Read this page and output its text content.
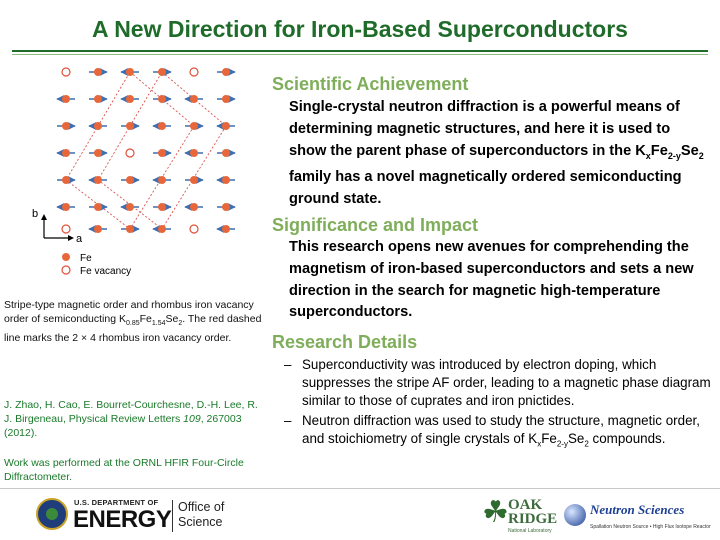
A New Direction for Iron-Based Superconductors
b
a
Fe
Fe vacancy
Stripe-type magnetic order and rhombus iron vacancy order of semiconducting $K_{0.85}Fe_{1.54}Se_2$. The red dashed line marks the 2 × 4 rhombus iron vacancy order.
J. Zhao, H. Cao, E. Bourret-Courchesne, D.-H. Lee, R. J. Birgeneau, Physical Review Letters 109, 267003 (2012).
Work was performed at the ORNL HFIR Four-Circle Diffractometer.
Scientific Achievement
Single-crystal neutron diffraction is a powerful means of determining magnetic structures, and here it is used to show the parent phase of superconductors in the $K_xFe_{2-y}Se_2$ family has a novel magnetically ordered semiconducting ground state.
Significance and Impact
This research opens new avenues for comprehending the magnetism of iron-based superconductors and sets a new direction in the search for magnetic high-temperature superconductors.
Research Details
– Superconductivity was introduced by electron doping, which suppresses the stripe AF order, leading to a magnetic phase diagram similar to those of cuprates and iron pnictides.
– Neutron diffraction was used to study the structure, magnetic order, and stoichiometry of single crystals of $K_xFe_{2-y}Se_2$ compounds.
U.S. DEPARTMENT OF
ENERGY Office of
Science	☘ OAK
RIDGE
National Laboratory
Neutron Sciences
Spallation Neutron Source • High Flux Isotope Reactor
